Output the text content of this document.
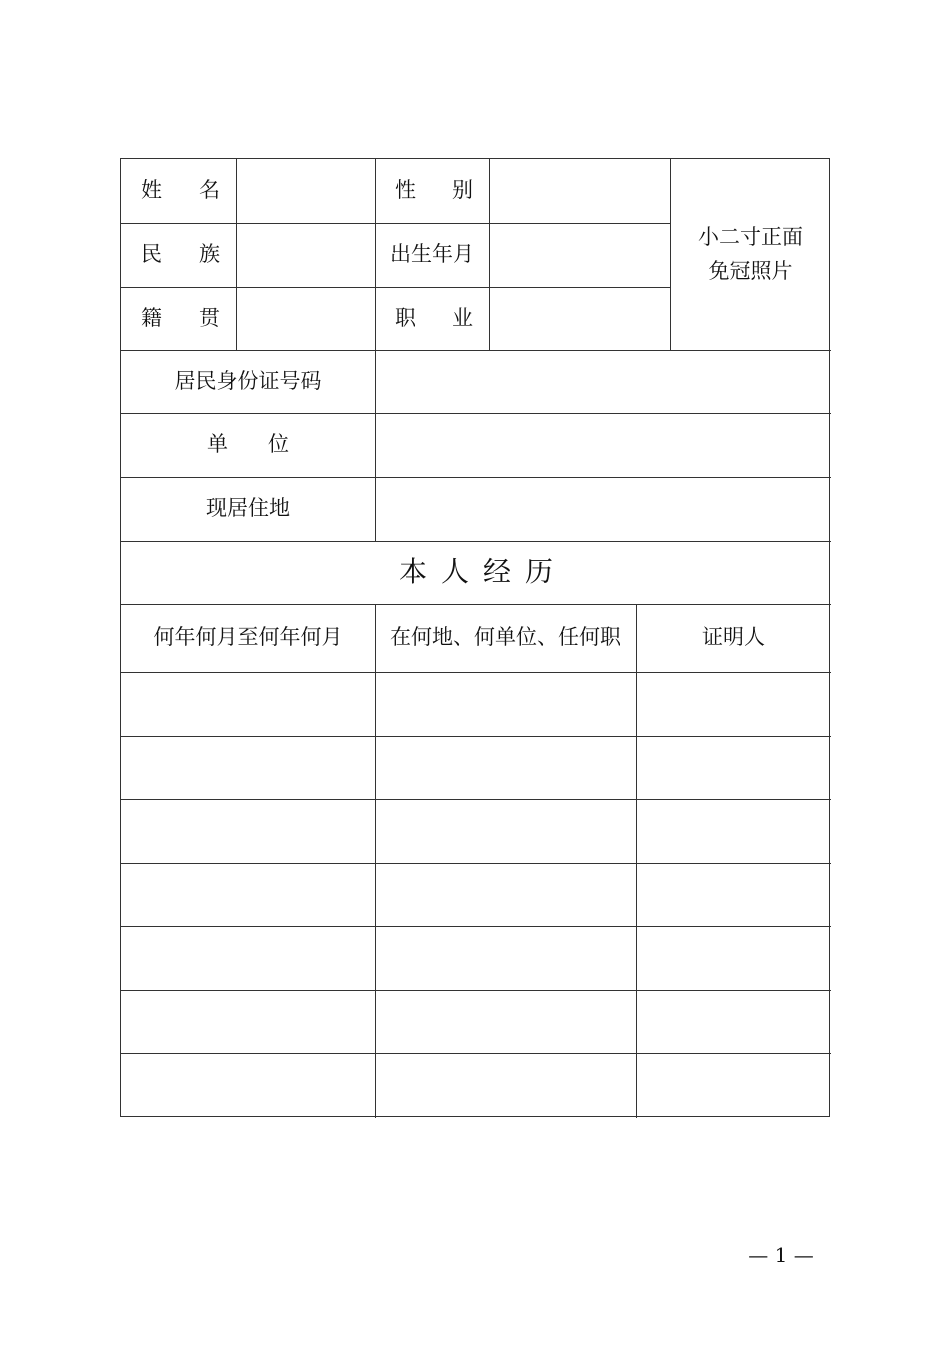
姓 名	性 别
小二寸正面
免冠照片
民 族	出生年月
籍 贯	职 业
居民身份证号码
单 位
现居住地
本人经历
何年何月至何年何月	在何地、何单位、任何职	证明人
— 1 —
